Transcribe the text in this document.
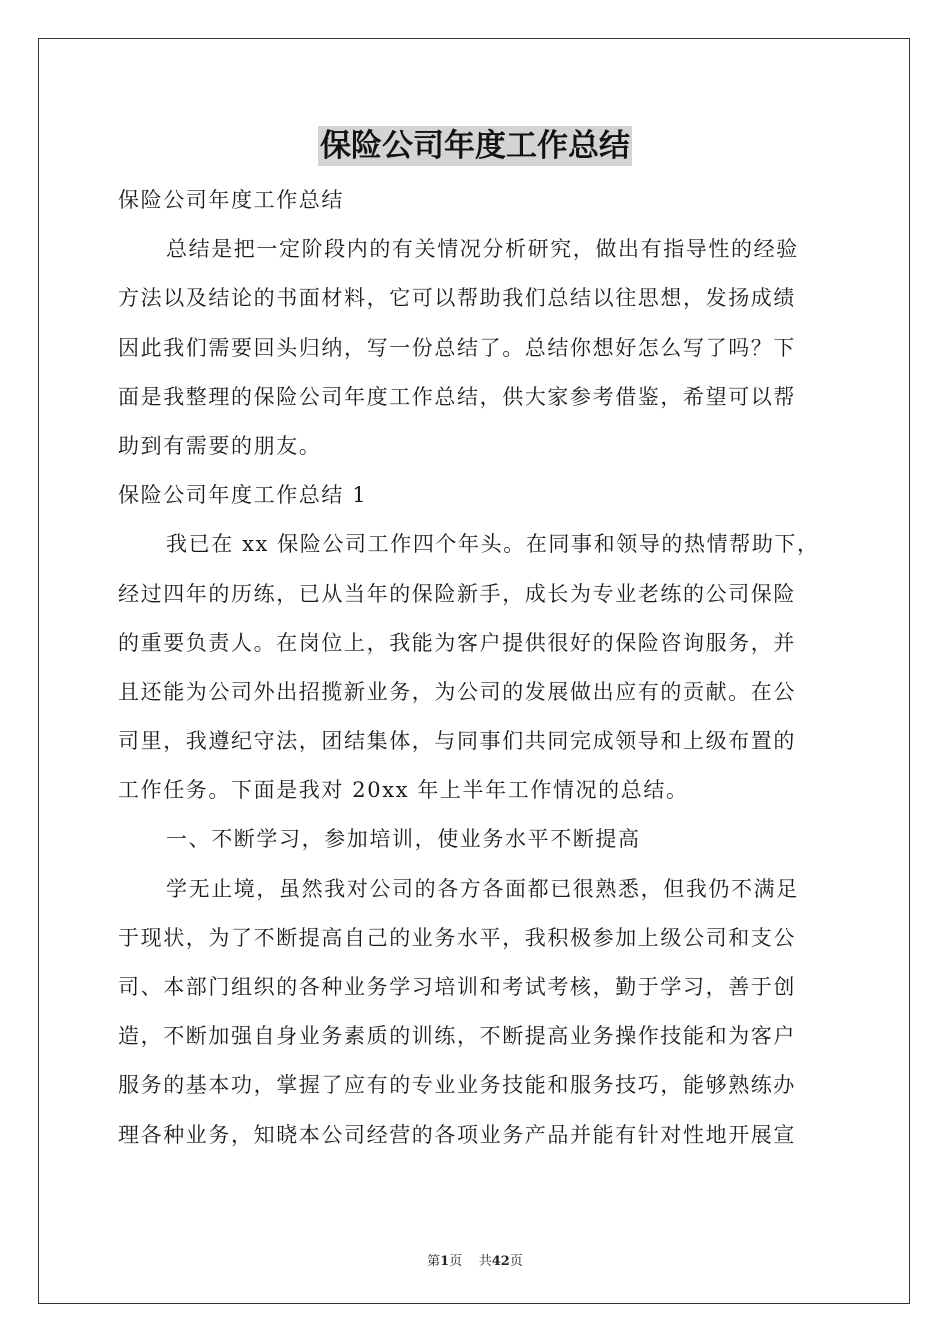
保险公司年度工作总结
保险公司年度工作总结
总结是把一定阶段内的有关情况分析研究，做出有指导性的经验
方法以及结论的书面材料，它可以帮助我们总结以往思想，发扬成绩
因此我们需要回头归纳，写一份总结了。总结你想好怎么写了吗？下
面是我整理的保险公司年度工作总结，供大家参考借鉴，希望可以帮
助到有需要的朋友。
保险公司年度工作总结 1
我已在 xx 保险公司工作四个年头。在同事和领导的热情帮助下，
经过四年的历练，已从当年的保险新手，成长为专业老练的公司保险
的重要负责人。在岗位上，我能为客户提供很好的保险咨询服务，并
且还能为公司外出招揽新业务，为公司的发展做出应有的贡献。在公
司里，我遵纪守法，团结集体，与同事们共同完成领导和上级布置的
工作任务。下面是我对 20xx 年上半年工作情况的总结。
一、不断学习，参加培训，使业务水平不断提高
学无止境，虽然我对公司的各方各面都已很熟悉，但我仍不满足
于现状，为了不断提高自己的业务水平，我积极参加上级公司和支公
司、本部门组织的各种业务学习培训和考试考核，勤于学习，善于创
造，不断加强自身业务素质的训练，不断提高业务操作技能和为客户
服务的基本功，掌握了应有的专业业务技能和服务技巧，能够熟练办
理各种业务，知晓本公司经营的各项业务产品并能有针对性地开展宣
第1页 共42页
